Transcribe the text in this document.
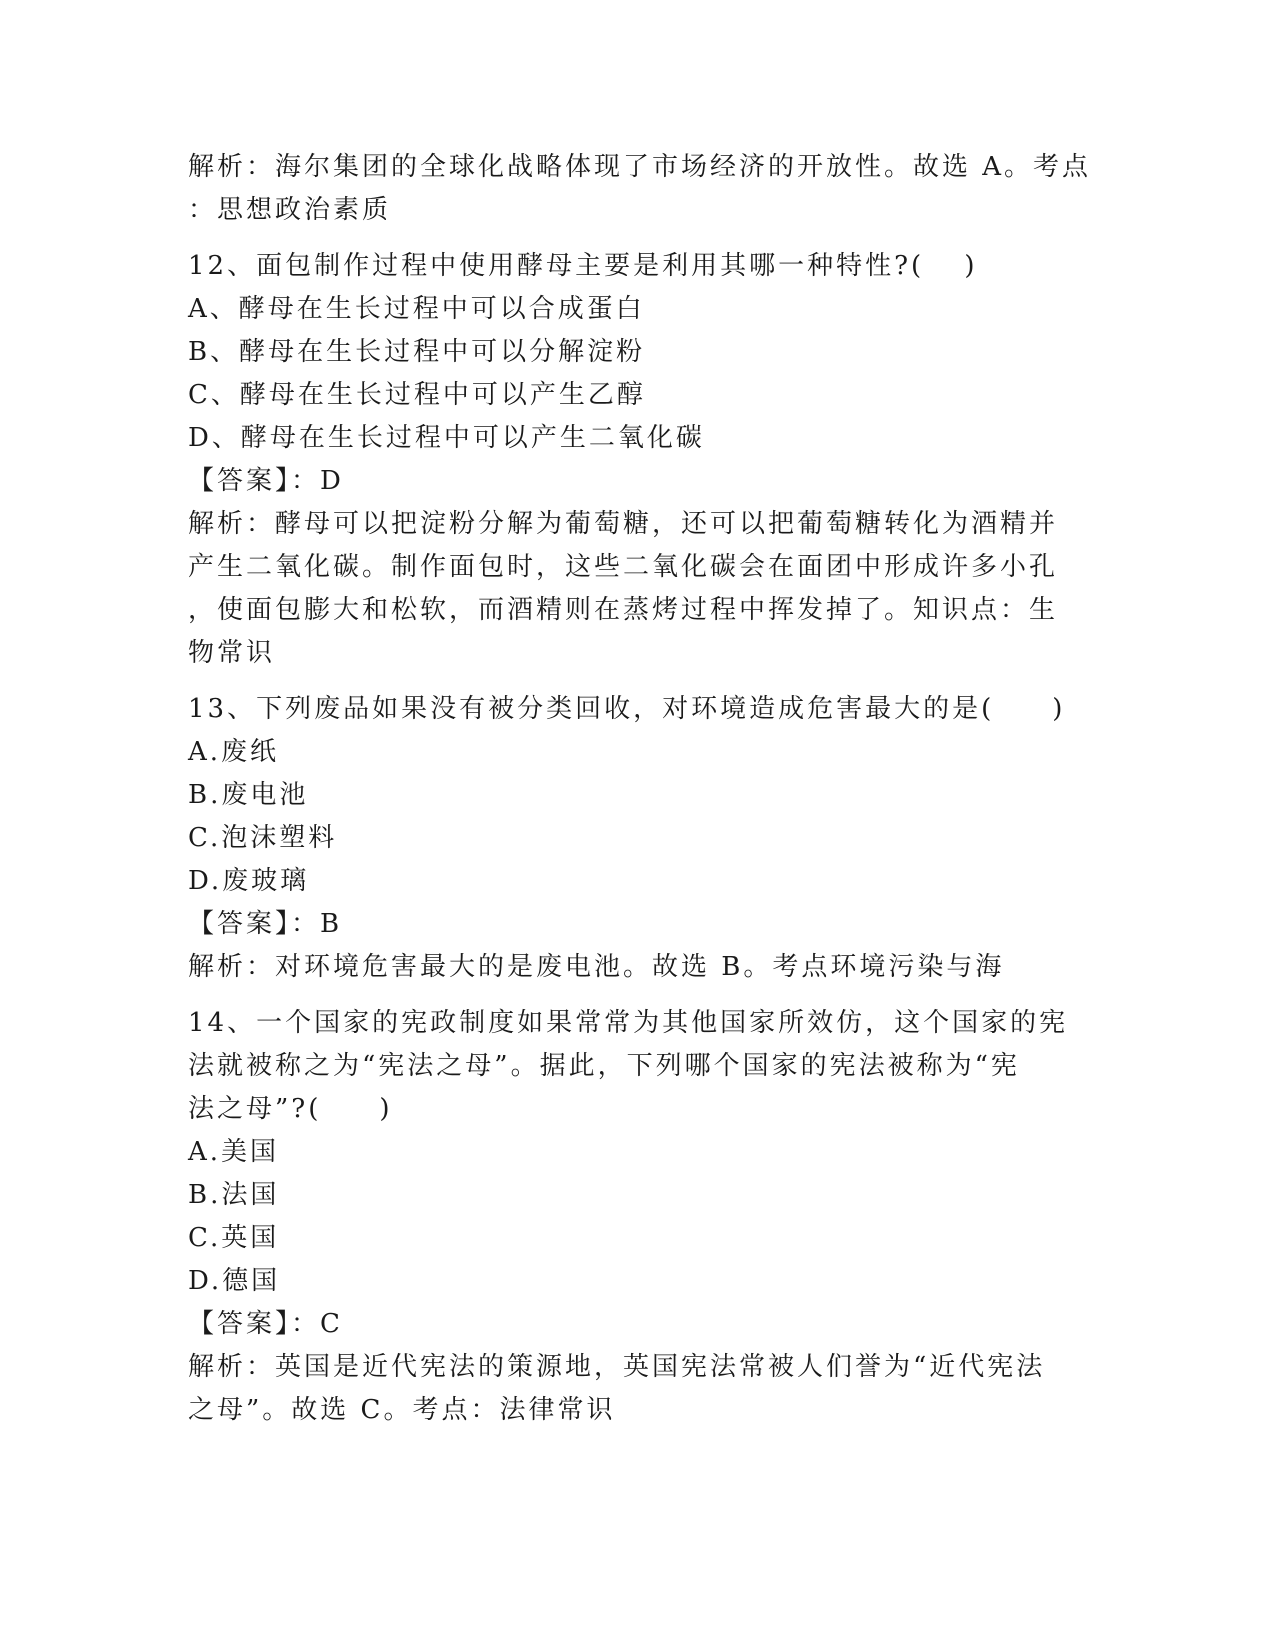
解析：海尔集团的全球化战略体现了市场经济的开放性。故选 A。考点
：思想政治素质
12、面包制作过程中使用酵母主要是利用其哪一种特性?(　 )
A、酵母在生长过程中可以合成蛋白
B、酵母在生长过程中可以分解淀粉
C、酵母在生长过程中可以产生乙醇
D、酵母在生长过程中可以产生二氧化碳
【答案】：D
解析：酵母可以把淀粉分解为葡萄糖，还可以把葡萄糖转化为酒精并
产生二氧化碳。制作面包时，这些二氧化碳会在面团中形成许多小孔
，使面包膨大和松软，而酒精则在蒸烤过程中挥发掉了。知识点：生
物常识
13、下列废品如果没有被分类回收，对环境造成危害最大的是(　　)
A.废纸
B.废电池
C.泡沫塑料
D.废玻璃
【答案】：B
解析：对环境危害最大的是废电池。故选 B。考点环境污染与海
14、一个国家的宪政制度如果常常为其他国家所效仿，这个国家的宪
法就被称之为“宪法之母”。据此，下列哪个国家的宪法被称为“宪
法之母”?(　　)
A.美国
B.法国
C.英国
D.德国
【答案】：C
解析：英国是近代宪法的策源地，英国宪法常被人们誉为“近代宪法
之母”。故选 C。考点：法律常识
